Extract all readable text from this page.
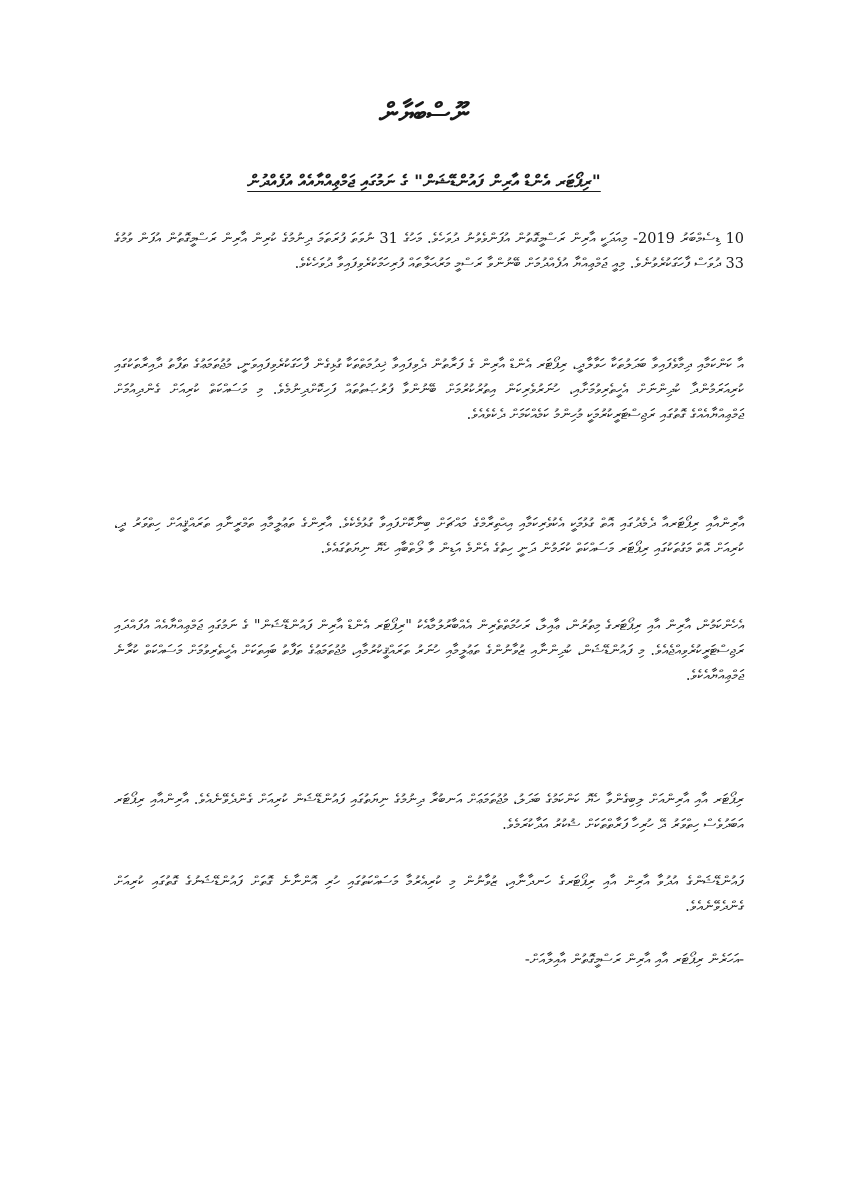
ނޫސްބަޔާން
"ރިޕޯޓަރ އެންޑް އާރިން ފައުންޑޭޝަން" ގެ ނަމުގައި ޖަމްޢިއްޔާއެއް އުފެއްދުން

10 ޑިސެމްބަރު 2019- މިއަދަކީ އާރިން ރަސްމީގޮތުން އުފަންވެވުނު ދުވަހެވެ. މަހުގެ 31 ނުވަތަ ފުރަތަމަ ދިނުމުގެ ކުރިން އާރިން ރަސްމީގޮތުން އުފަން ވުމުގެ 33 ދުވަސް ފާހަގަކުރެވުނެވެ. މިއީ ޖަމްޢިއްޔާ އުފެއްދުމަށް ބޭނުންވާ ރަސްމީ މަރުޙަލާތައް ފުރިހަމަކުރެވިފައިވާ ދުވަހެކެވެ.

އާ ކަންކަމާއި ދިމާވެފައިވާ ބަދަލުތަކާ ހަވާލާދީ، ރިޕޯޓަރ އެންޑް އާރިން ގެ ފަރާތުން ދެވިފައިވާ ޚިދުމަތްތަކާ ގުޅިގެން ފާހަގަކުރެވިފައިވަނީ، މުޖުތަމަޢުގެ ތަފާތު ދާއިރާތަކުގައި ކުރިއަރަމުންދާ ކުދިންނަށް އެހީތެރިވުމަށާއި، ހުނަރުވެރިކަން އިތުރުކުރުމަށް ބޭނުންވާ ފުރުޞަތުތައް ފަހިކޮށްދިނުމެވެ. މި މަސައްކަތް ކުރިއަށް ގެންދިއުމަށް ޖަމްޢިއްޔާއެއްގެ ގޮތުގައި ރަޖިސްޓަރީކުރުމަކީ މުހިންމު ކަމެއްކަމަށް ދެކެވެއެވެ.

އާރިންއާއި ރިޕޯޓަރއާ ދެމެދުގައި އޮތް ގުޅުމަކީ އެކުވެރިކަމާއި އިޙްތިރާމްގެ މައްޗަށް ބިނާކޮށްފައިވާ ގުޅުމެކެވެ. އާރިންގެ ތަޢުލީމާއި ތަމްރީނާއި ތަރައްޤީއަށް ހިތްވަރު ދީ، ކުރިއަށް އޮތް މަގުތަކުގައި ރިޕޯޓަރ މަސައްކަތް ކުރަމުން ދަނީ ހިތުގެ އެންމެ އަޑިން ވާ ލޯތްބާއި ހެޔޮ ނިޔަތުގައެވެ.

އެހެންކަމުން، އާރިން އާއި ރިޕޯޓަރގެ މިތުރުން، ޢާއިލާ، ރަހުމަތްތެރިން އެއްބާރުލުމާއެކު "ރިޕޯޓަރ އެންޑް އާރިން ފައުންޑޭޝަން" ގެ ނަމުގައި ޖަމްޢިއްޔާއެއް އުފައްދައި ރަޖިސްޓަރީކުރެވިއްޖެއެވެ. މި ފައުންޑޭޝަން، ކުދިންނާއި ޒުވާނުންގެ ތަޢުލީމާއި ހުނަރު ތަރައްޤީކުރުމާއި، މުޖުތަމަޢުގެ ތަފާތު ބައިތަކަށް އެހީތެރިވުމަށް މަސައްކަތް ކުރާނެ ޖަމްޢިއްޔާއެކެވެ.

ރިޕޯޓަރ އާއި އާރިންއަށް ލިބިގެންވާ ހެޔޮ ކަންކަމުގެ ބަދަލު، މުޖުތަމަޢަށް އަނބުރާ ދިނުމުގެ ނިޔަތުގައި ފައުންޑޭޝަން ކުރިއަށް ގެންދެވޭނެއެވެ. އާރިންއާއި ރިޕޯޓަރ އަބަދުވެސް ހިތްވަރު ދޭ ހުރިހާ ފަރާތްތަކަށް ޝުކުރު އަދާކުރަމެވެ.

ފައުންޑޭޝަންގެ އުދުވާ އާރިން އާއި ރިޕޯޓަރގެ ހަނދާނާއި، ޒުވާނުން މި ކުރިއެރުމާ މަސައްކަތުގައި ހުރި އޮންނާނެ ގޮތަށް ފައުންޑޭޝަނުގެ ގޮތުގައި ކުރިއަށް ގެންދެވޭނެއެވެ.

-އަހަރެން ރިޕޯޓަރ އާއި އާރިން ރަސްމީގޮތުން އާއިލާއަށް-
